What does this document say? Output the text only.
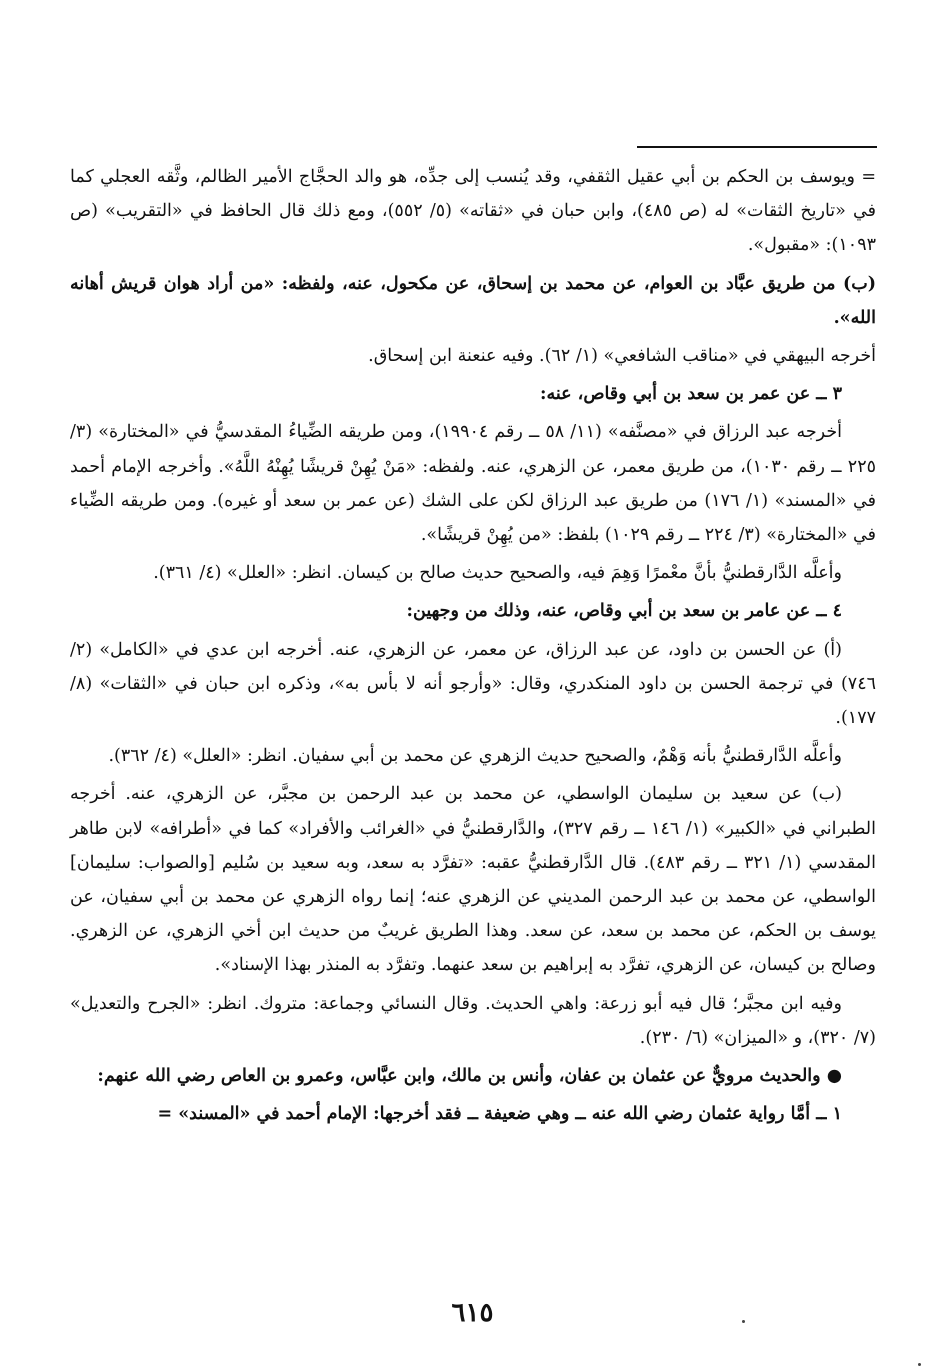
= ويوسف بن الحكم بن أبي عقيل الثقفي، وقد يُنسب إلى جدِّه، هو والد الحجَّاج الأمير الظالم، وثَّقه العجلي كما في «تاريخ الثقات» له (ص ٤٨٥)، وابن حبان في «ثقاته» (٥/ ٥٥٢)، ومع ذلك قال الحافظ في «التقريب» (ص ١٠٩٣): «مقبول».

(ب) من طريق عبَّاد بن العوام، عن محمد بن إسحاق، عن مكحول، عنه، ولفظه: «من أراد هوان قريش أهانه الله».

أخرجه البيهقي في «مناقب الشافعي» (١/ ٦٢). وفيه عنعنة ابن إسحاق.

٣ ــ عن عمر بن سعد بن أبي وقاص، عنه:

أخرجه عبد الرزاق في «مصنَّفه» (١١/ ٥٨ ــ رقم ١٩٩٠٤)، ومن طريقه الضِّياءُ المقدسيُّ في «المختارة» (٣/ ٢٢٥ ــ رقم ١٠٣٠)، من طريق معمر، عن الزهري، عنه. ولفظه: «مَنْ يُهِنْ قريشًا يُهِنْهُ اللَّهُ». وأخرجه الإمام أحمد في «المسند» (١/ ١٧٦) من طريق عبد الرزاق لكن على الشك (عن عمر بن سعد أو غيره). ومن طريقه الضِّياء في «المختارة» (٣/ ٢٢٤ ــ رقم ١٠٢٩) بلفظ: «من يُهِنْ قريشًا».

وأعلَّه الدَّارقطنيُّ بأنَّ معْمرًا وَهِمَ فيه، والصحيح حديث صالح بن كيسان. انظر: «العلل» (٤/ ٣٦١).

٤ ــ عن عامر بن سعد بن أبي وقاص، عنه، وذلك من وجهين:

(أ) عن الحسن بن داود، عن عبد الرزاق، عن معمر، عن الزهري، عنه. أخرجه ابن عدي في «الكامل» (٢/ ٧٤٦) في ترجمة الحسن بن داود المنكدري، وقال: «وأرجو أنه لا بأس به»، وذكره ابن حبان في «الثقات» (٨/ ١٧٧).

وأعلَّه الدَّارقطنيُّ بأنه وَهْمٌ، والصحيح حديث الزهري عن محمد بن أبي سفيان. انظر: «العلل» (٤/ ٣٦٢).

(ب) عن سعيد بن سليمان الواسطي، عن محمد بن عبد الرحمن بن مجبَّر، عن الزهري، عنه. أخرجه الطبراني في «الكبير» (١/ ١٤٦ ــ رقم ٣٢٧)، والدَّارقطنيُّ في «الغرائب والأفراد» كما في «أطرافه» لابن طاهر المقدسي (١/ ٣٢١ ــ رقم ٤٨٣). قال الدَّارقطنيُّ عقبه: «تفرَّد به سعد، وبه سعيد بن سُليم [والصواب: سليمان] الواسطي، عن محمد بن عبد الرحمن المديني عن الزهري عنه؛ إنما رواه الزهري عن محمد بن أبي سفيان، عن يوسف بن الحكم، عن محمد بن سعد، عن سعد. وهذا الطريق غريبٌ من حديث ابن أخي الزهري، عن الزهري. وصالح بن كيسان، عن الزهري، تفرَّد به إبراهيم بن سعد عنهما. وتفرَّد به المنذر بهذا الإسناد».

وفيه ابن مجبَّر؛ قال فيه أبو زرعة: واهي الحديث. وقال النسائي وجماعة: متروك. انظر: «الجرح والتعديل» (٧/ ٣٢٠)، و «الميزان» (٦/ ٢٣٠).

● والحديث مرويٌّ عن عثمان بن عفان، وأنس بن مالك، وابن عبَّاس، وعمرو بن العاص رضي الله عنهم:

١ ــ أمَّا رواية عثمان رضي الله عنه ــ وهي ضعيفة ــ فقد أخرجها: الإمام أحمد في «المسند» =

٦١٥
